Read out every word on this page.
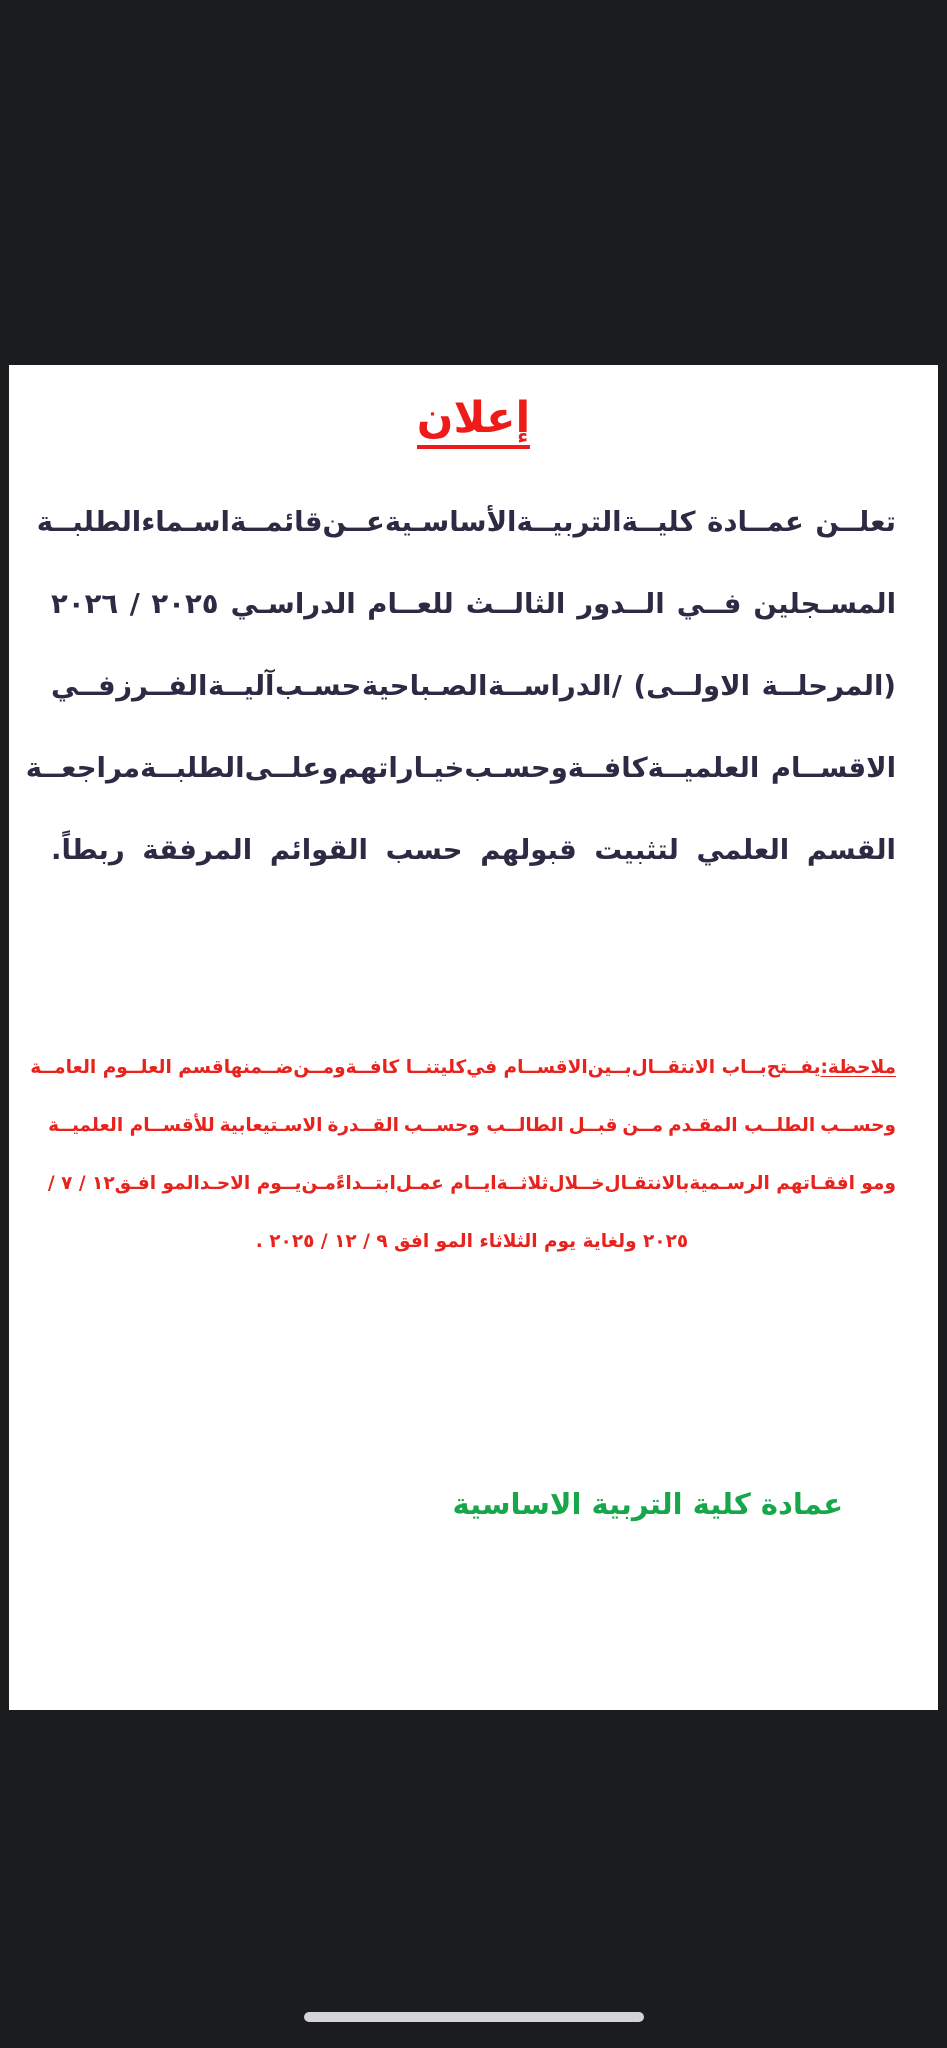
إعلان
تعلــن عمــادة كليــة
التربيــة
الأساسـية
عــن
قائمــة
اسـماء
الطلبــة
المسـجلين
فــي
الــدور
الثالــث
للعــام الدراسـي
٢٠٢٥ / ٢٠٢٦
(المرحلــة الاولــى) /
الدراســة
الصـباحية
حسـب
آليــة
الفــرز
فــي
الاقســام العلميــة
كافــة
وحسـب
خيـاراتهم
وعلــى
الطلبــة
مراجعــة
القسم العلمي لتثبيت قبولهم حسب القوائم المرفقة ربطاً.
ملاحظة:
يفــتح
بــاب الانتقــال
بــين
الاقســام في
كليتنــا كافــة
ومــن
ضــمنها
قسم العلــوم العامــة
وحســب
الطلــب المقـدم
مــن
قبــل
الطالــب وحســب
القــدرة
الاسـتيعابية
للأقســام العلميــة
ومو افقـاتهم الرسـمية
بالانتقـال
خــلال
ثلاثــة
ايــام عمـل
ابتــداءً
مـن
يــوم الاحـد
المو افـق
١٢ / ٧ /
٢٠٢٥ ولغاية يوم الثلاثاء المو افق ٩ / ١٢ / ٢٠٢٥ .
عمادة كلية التربية الاساسية
